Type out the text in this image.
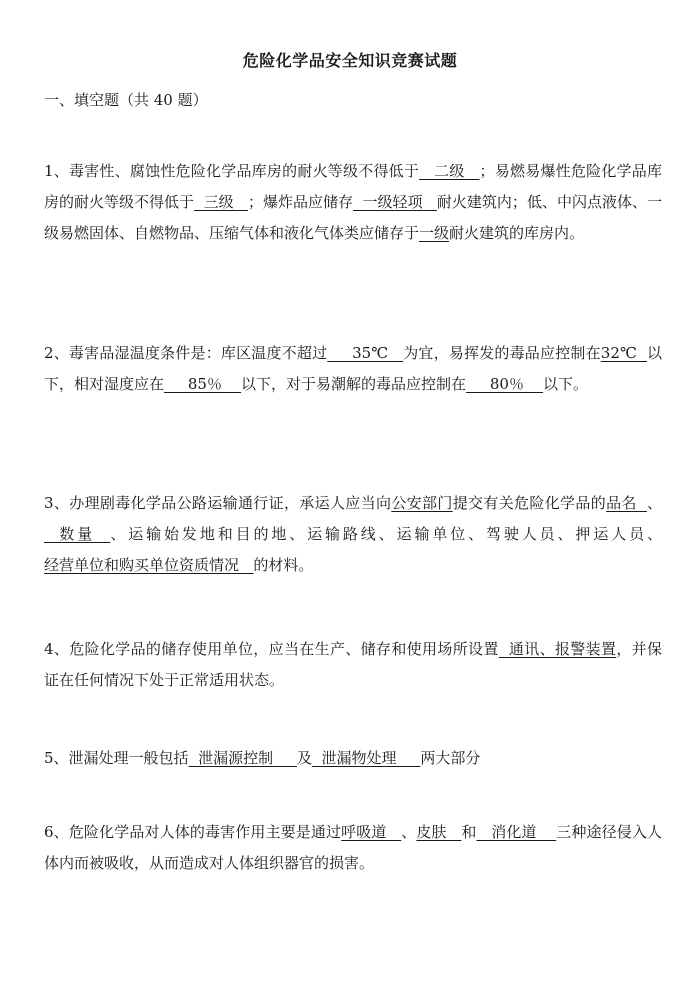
危险化学品安全知识竞赛试题
一、填空题（共 40 题）
1、毒害性、腐蚀性危险化学品库房的耐火等级不得低于   二级   ；易燃易爆性危险化学品库房的耐火等级不得低于  三级   ；爆炸品应储存  一级轻项   耐火建筑内；低、中闪点液体、一级易燃固体、自燃物品、压缩气体和液化气体类应储存于一级耐火建筑的库房内。
2、毒害品湿温度条件是：库区温度不超过     35℃   为宜，易挥发的毒品应控制在32℃  以下，相对湿度应在     85％    以下，对于易潮解的毒品应控制在     80％    以下。
3、办理剧毒化学品公路运输通行证，承运人应当向公安部门提交有关危险化学品的品名  、  数量  、运输始发地和目的地、运输路线、运输单位、驾驶人员、押运人员、经营单位和购买单位资质情况   的材料。
4、危险化学品的储存使用单位，应当在生产、储存和使用场所设置  通讯、报警装置，并保证在任何情况下处于正常适用状态。
5、泄漏处理一般包括  泄漏源控制     及  泄漏物处理     两大部分
6、危险化学品对人体的毒害作用主要是通过呼吸道   、皮肤   和   消化道    三种途径侵入人体内而被吸收，从而造成对人体组织器官的损害。
